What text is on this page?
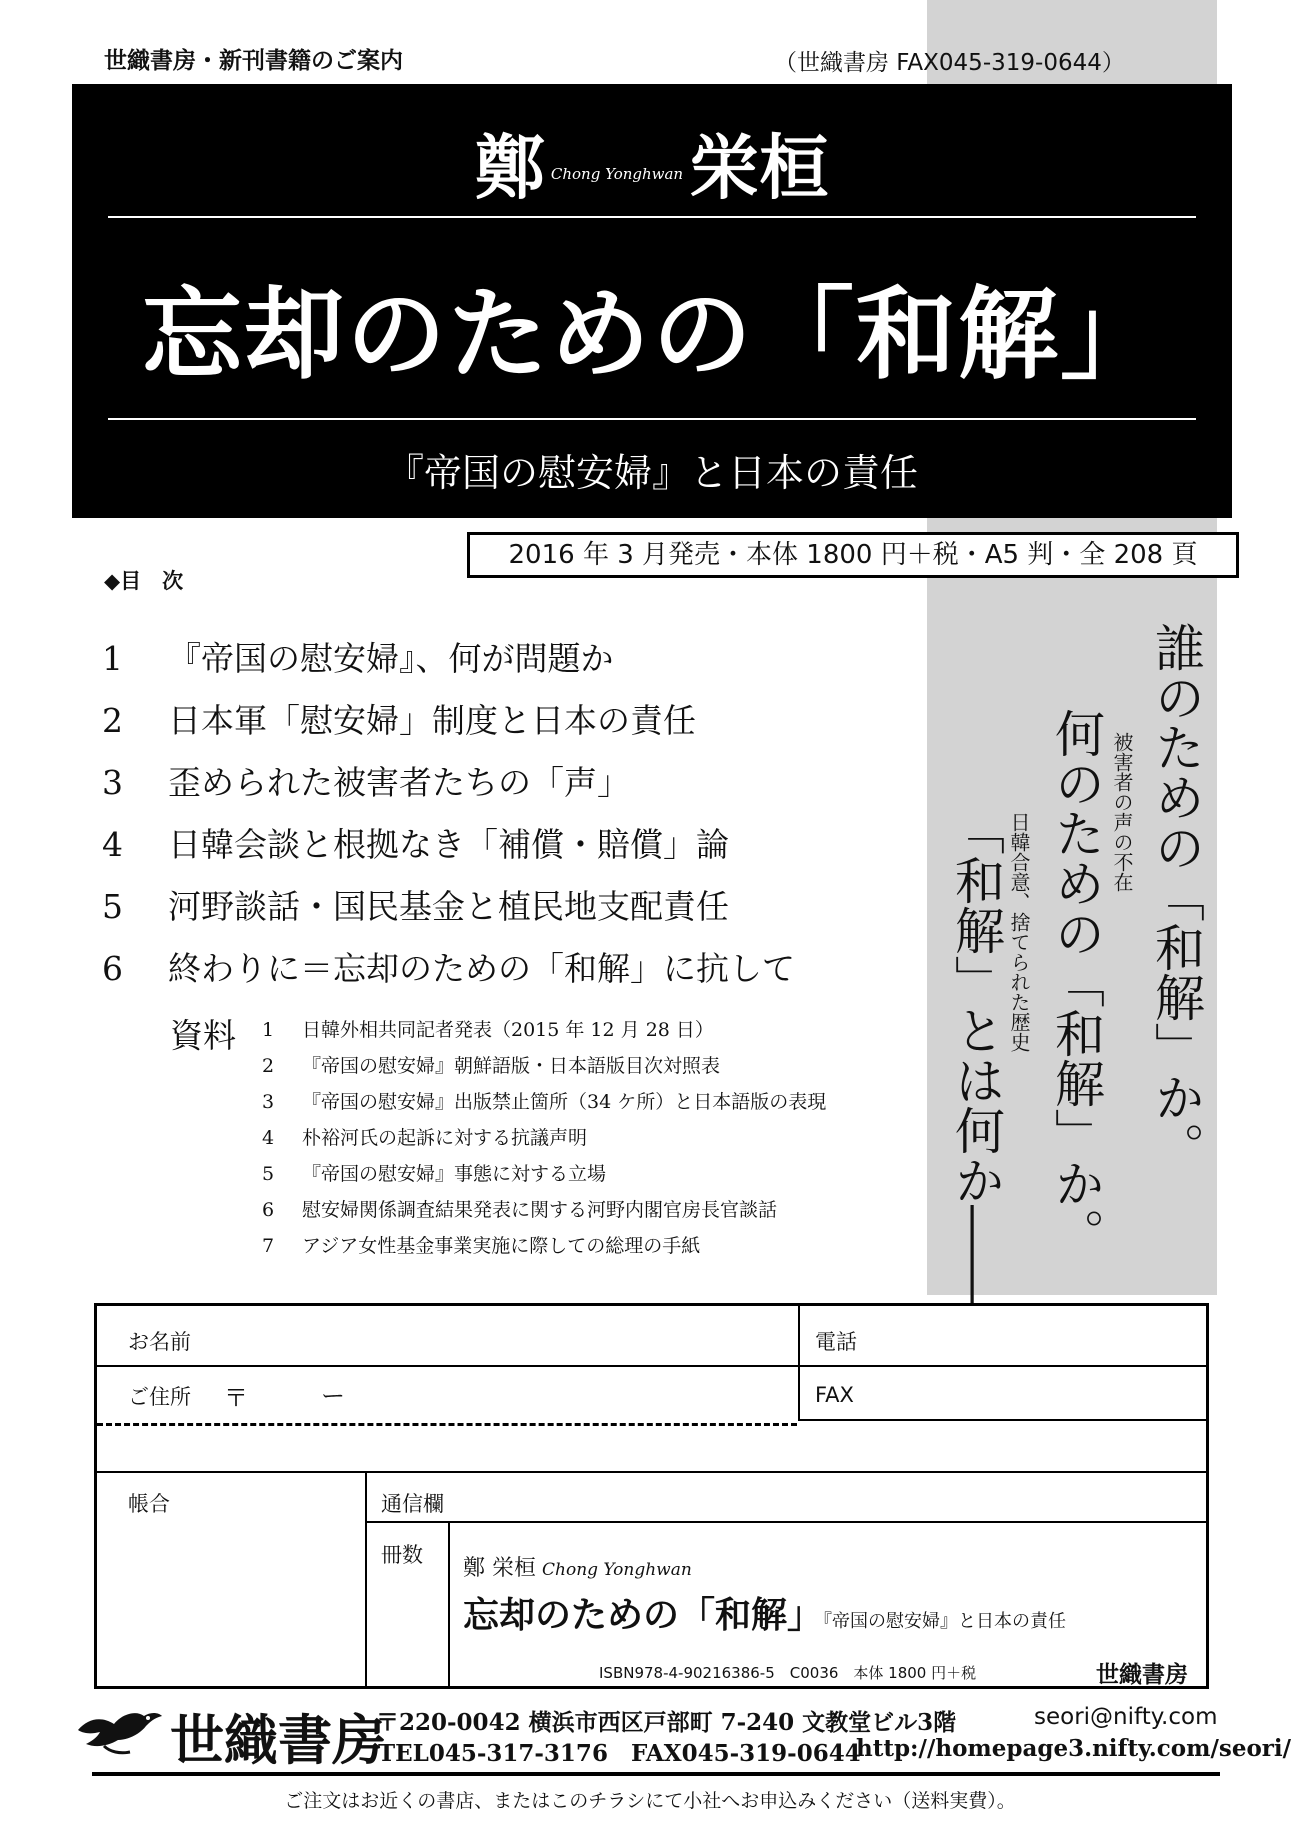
世織書房・新刊書籍のご案内	（世織書房 FAX045-319-0644）
鄭 Chong Yonghwan栄桓
忘却のための「和解」
『帝国の慰安婦』と日本の責任
2016 年 3 月発売・本体 1800 円＋税・A5 判・全 208 頁
◆目　次
1 『帝国の慰安婦』、何が問題か
2 日本軍「慰安婦」制度と日本の責任
3 歪められた被害者たちの「声」
4 日韓会談と根拠なき「補償・賠償」論
5 河野談話・国民基金と植民地支配責任
6 終わりに＝忘却のための「和解」に抗して
資料 1 日韓外相共同記者発表（2015 年 12 月 28 日）
2 『帝国の慰安婦』朝鮮語版・日本語版目次対照表
3 『帝国の慰安婦』出版禁止箇所（34 ケ所）と日本語版の表現
4 朴裕河氏の起訴に対する抗議声明
5 『帝国の慰安婦』事態に対する立場
6 慰安婦関係調査結果発表に関する河野内閣官房長官談話
7 アジア女性基金事業実施に際しての総理の手紙
誰のための「和解」か。
被害者の声の不在
何のための「和解」か。
日韓合意、捨てられた歴史
「和解」とは何か――
お名前	電話
ご住所 〒	ー	FAX
帳合	通信欄
冊数
鄭 栄桓 Chong Yonghwan
忘却のための「和解」『帝国の慰安婦』と日本の責任
ISBN978-4-90216386-5　C0036　本体 1800 円＋税	世織書房
世織書房
〒220-0042 横浜市西区戸部町 7-240 文教堂ビル3階	seori@nifty.com
TEL045-317-3176　FAX045-319-0644
http://homepage3.nifty.com/seori/
ご注文はお近くの書店、またはこのチラシにて小社へお申込みください（送料実費）。
